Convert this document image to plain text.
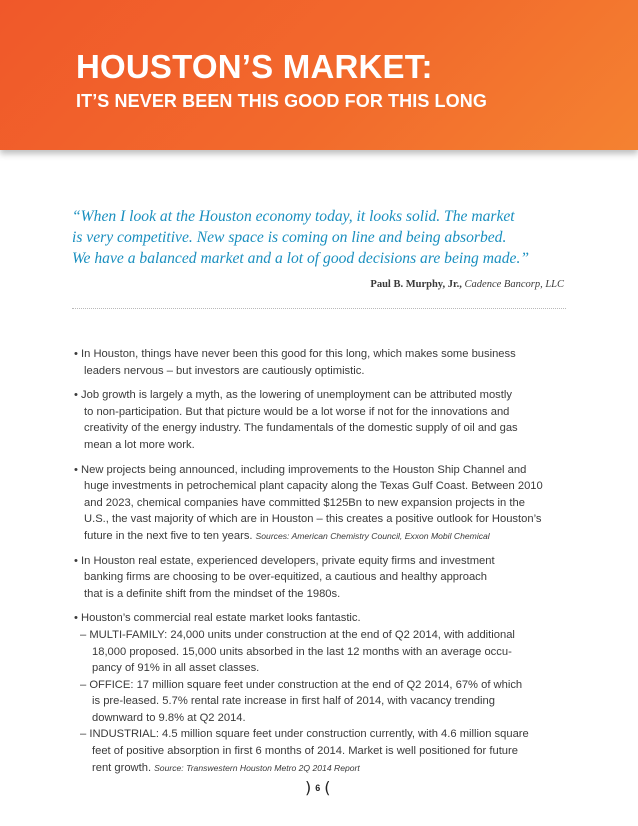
HOUSTON’S MARKET:
IT’S NEVER BEEN THIS GOOD FOR THIS LONG
“When I look at the Houston economy today, it looks solid. The market
is very competitive. New space is coming on line and being absorbed.
We have a balanced market and a lot of good decisions are being made.”
Paul B. Murphy, Jr., Cadence Bancorp, LLC
• In Houston, things have never been this good for this long, which makes some business
leaders nervous – but investors are cautiously optimistic.
• Job growth is largely a myth, as the lowering of unemployment can be attributed mostly
to non-participation. But that picture would be a lot worse if not for the innovations and
creativity of the energy industry. The fundamentals of the domestic supply of oil and gas
mean a lot more work.
• New projects being announced, including improvements to the Houston Ship Channel and
huge investments in petrochemical plant capacity along the Texas Gulf Coast. Between 2010
and 2023, chemical companies have committed $125Bn to new expansion projects in the
U.S., the vast majority of which are in Houston – this creates a positive outlook for Houston’s
future in the next five to ten years. Sources: American Chemistry Council, Exxon Mobil Chemical
• In Houston real estate, experienced developers, private equity firms and investment
banking firms are choosing to be over-equitized, a cautious and healthy approach
that is a definite shift from the mindset of the 1980s.
• Houston’s commercial real estate market looks fantastic.
– MULTI-FAMILY: 24,000 units under construction at the end of Q2 2014, with additional
18,000 proposed. 15,000 units absorbed in the last 12 months with an average occu-
pancy of 91% in all asset classes.
– OFFICE: 17 million square feet under construction at the end of Q2 2014, 67% of which
is pre-leased. 5.7% rental rate increase in first half of 2014, with vacancy trending
downward to 9.8% at Q2 2014.
– INDUSTRIAL: 4.5 million square feet under construction currently, with 4.6 million square
feet of positive absorption in first 6 months of 2014. Market is well positioned for future
rent growth. Source: Transwestern Houston Metro 2Q 2014 Report
) 6 (
